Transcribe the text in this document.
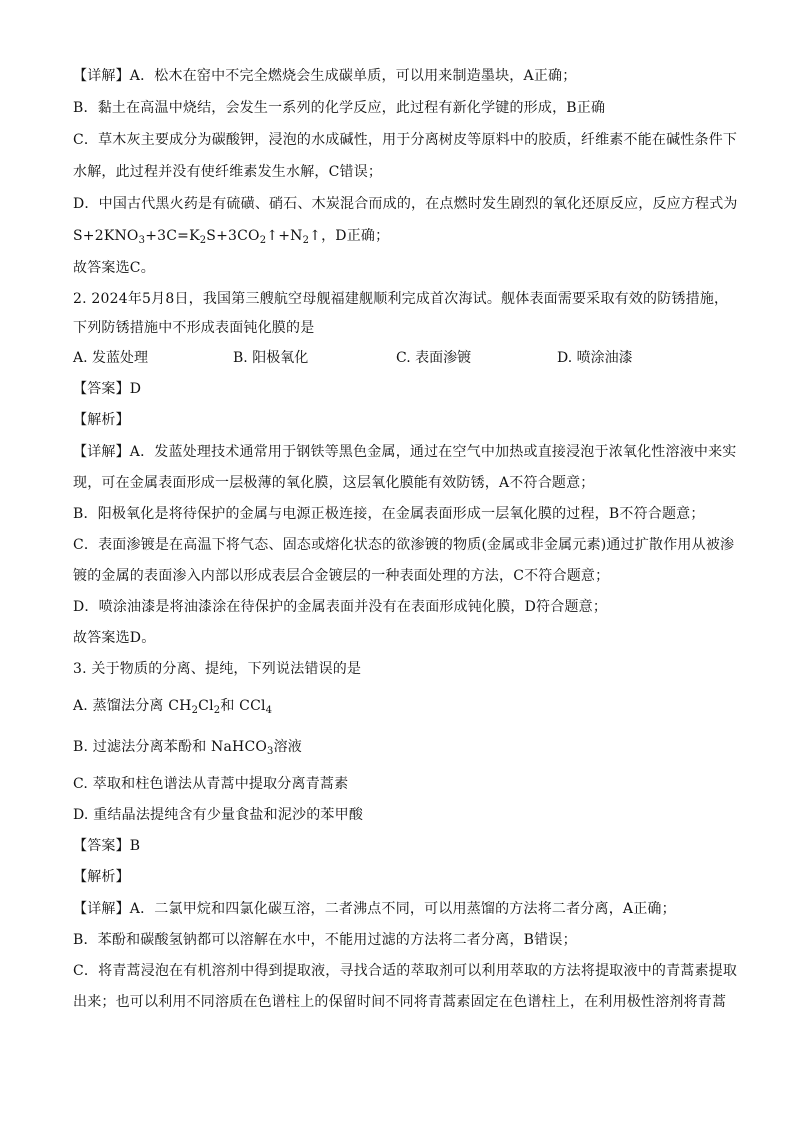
【详解】A．松木在窑中不完全燃烧会生成碳单质，可以用来制造墨块，A正确；
B．黏土在高温中烧结，会发生一系列的化学反应，此过程有新化学键的形成，B正确
C．草木灰主要成分为碳酸钾，浸泡的水成碱性，用于分离树皮等原料中的胶质，纤维素不能在碱性条件下
水解，此过程并没有使纤维素发生水解，C错误；
D．中国古代黑火药是有硫磺、硝石、木炭混合而成的，在点燃时发生剧烈的氧化还原反应，反应方程式为
$S+2KNO_3+3C=K_2S+3CO_2↑+N_2↑$，D正确；
故答案选C。
2. 2024年5月8日，我国第三艘航空母舰福建舰顺利完成首次海试。舰体表面需要采取有效的防锈措施，
下列防锈措施中不形成表面钝化膜的是
A. 发蓝处理	B. 阳极氧化	C. 表面渗镀	D. 喷涂油漆
【答案】D
【解析】
【详解】A．发蓝处理技术通常用于钢铁等黑色金属，通过在空气中加热或直接浸泡于浓氧化性溶液中来实
现，可在金属表面形成一层极薄的氧化膜，这层氧化膜能有效防锈，A不符合题意；
B．阳极氧化是将待保护的金属与电源正极连接，在金属表面形成一层氧化膜的过程，B不符合题意；
C．表面渗镀是在高温下将气态、固态或熔化状态的欲渗镀的物质(金属或非金属元素)通过扩散作用从被渗
镀的金属的表面渗入内部以形成表层合金镀层的一种表面处理的方法，C不符合题意；
D．喷涂油漆是将油漆涂在待保护的金属表面并没有在表面形成钝化膜，D符合题意；
故答案选D。
3. 关于物质的分离、提纯，下列说法错误的是
A. 蒸馏法分离 $CH_2Cl_2$和 CCl$_4$
B. 过滤法分离苯酚和 NaHCO$_3$溶液
C. 萃取和柱色谱法从青蒿中提取分离青蒿素
D. 重结晶法提纯含有少量食盐和泥沙的苯甲酸
【答案】B
【解析】
【详解】A．二氯甲烷和四氯化碳互溶，二者沸点不同，可以用蒸馏的方法将二者分离，A正确；
B．苯酚和碳酸氢钠都可以溶解在水中，不能用过滤的方法将二者分离，B错误；
C．将青蒿浸泡在有机溶剂中得到提取液，寻找合适的萃取剂可以利用萃取的方法将提取液中的青蒿素提取
出来；也可以利用不同溶质在色谱柱上的保留时间不同将青蒿素固定在色谱柱上，在利用极性溶剂将青蒿
